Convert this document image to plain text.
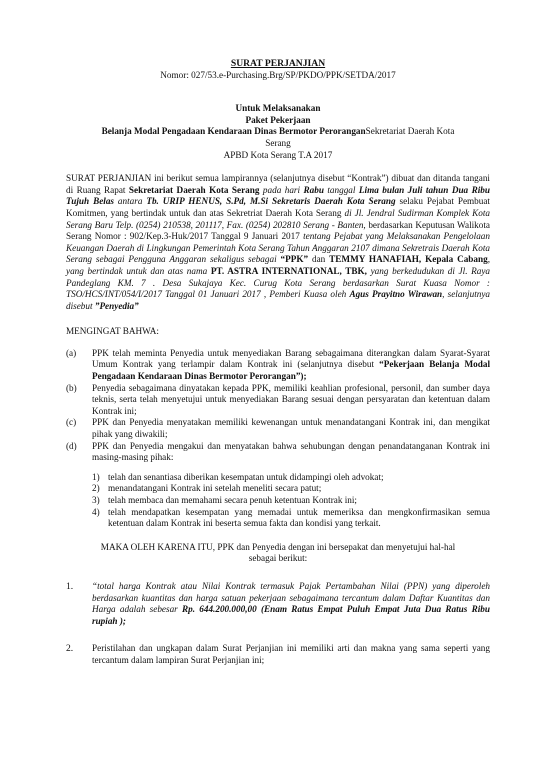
SURAT PERJANJIAN
Nomor: 027/53.e-Purchasing.Brg/SP/PKDO/PPK/SETDA/2017
Untuk Melaksanakan
Paket Pekerjaan
Belanja Modal Pengadaan Kendaraan Dinas Bermotor PeroranganSekretariat Daerah Kota
Serang
APBD Kota Serang T.A 2017
SURAT PERJANJIAN ini berikut semua lampirannya (selanjutnya disebut “Kontrak”) dibuat dan ditanda tangani di Ruang Rapat Sekretariat Daerah Kota Serang pada hari Rabu tanggal Lima bulan Juli tahun Dua Ribu Tujuh Belas antara Tb. URIP HENUS, S.Pd, M.Si Sekretaris Daerah Kota Serang selaku Pejabat Pembuat Komitmen, yang bertindak untuk dan atas Sekretriat Daerah Kota Serang di Jl. Jendral Sudirman Komplek Kota Serang Baru Telp. (0254) 210538, 201117, Fax. (0254) 202810 Serang - Banten, berdasarkan Keputusan Walikota Serang Nomor : 902/Kep.3-Huk/2017 Tanggal 9 Januari 2017 tentang Pejabat yang Melaksanakan Pengelolaan Keuangan Daerah di Lingkungan Pemerintah Kota Serang Tahun Anggaran 2107 dimana Sekretrais Daerah Kota Serang sebagai Pengguna Anggaran sekaligus sebagai “PPK” dan TEMMY HANAFIAH, Kepala Cabang, yang bertindak untuk dan atas nama PT. ASTRA INTERNATIONAL, TBK, yang berkedudukan di Jl. Raya Pandeglang KM. 7 . Desa Sukajaya Kec. Curug Kota Serang berdasarkan Surat Kuasa Nomor : TSO/HCS/INT/054/I/2017 Tanggal 01 Januari 2017 , Pemberi Kuasa oleh Agus Prayitno Wirawan, selanjutnya disebut ”Penyedia”
MENGINGAT BAHWA:
(a)	PPK telah meminta Penyedia untuk menyediakan Barang sebagaimana diterangkan dalam Syarat-Syarat Umum Kontrak yang terlampir dalam Kontrak ini (selanjutnya disebut “Pekerjaan Belanja Modal Pengadaan Kendaraan Dinas Bermotor Perorangan”);
(b)	Penyedia sebagaimana dinyatakan kepada PPK, memiliki keahlian profesional, personil, dan sumber daya teknis, serta telah menyetujui untuk menyediakan Barang sesuai dengan persyaratan dan ketentuan dalam Kontrak ini;
(c)	PPK dan Penyedia menyatakan memiliki kewenangan untuk menandatangani Kontrak ini, dan mengikat pihak yang diwakili;
(d)	PPK dan Penyedia mengakui dan menyatakan bahwa sehubungan dengan penandatanganan Kontrak ini masing-masing pihak:
1) telah dan senantiasa diberikan kesempatan untuk didampingi oleh advokat;
2) menandatangani Kontrak ini setelah meneliti secara patut;
3) telah membaca dan memahami secara penuh ketentuan Kontrak ini;
4) telah mendapatkan kesempatan yang memadai untuk memeriksa dan mengkonfirmasikan semua ketentuan dalam Kontrak ini beserta semua fakta dan kondisi yang terkait.
MAKA OLEH KARENA ITU, PPK dan Penyedia dengan ini bersepakat dan menyetujui hal-hal sebagai berikut:
1.	“total harga Kontrak atau Nilai Kontrak termasuk Pajak Pertambahan Nilai (PPN) yang diperoleh berdasarkan kuantitas dan harga satuan pekerjaan sebagaimana tercantum dalam Daftar Kuantitas dan Harga adalah sebesar Rp. 644.200.000,00 (Enam Ratus Empat Puluh Empat Juta Dua Ratus Ribu rupiah );
2.	Peristilahan dan ungkapan dalam Surat Perjanjian ini memiliki arti dan makna yang sama seperti yang tercantum dalam lampiran Surat Perjanjian ini;
